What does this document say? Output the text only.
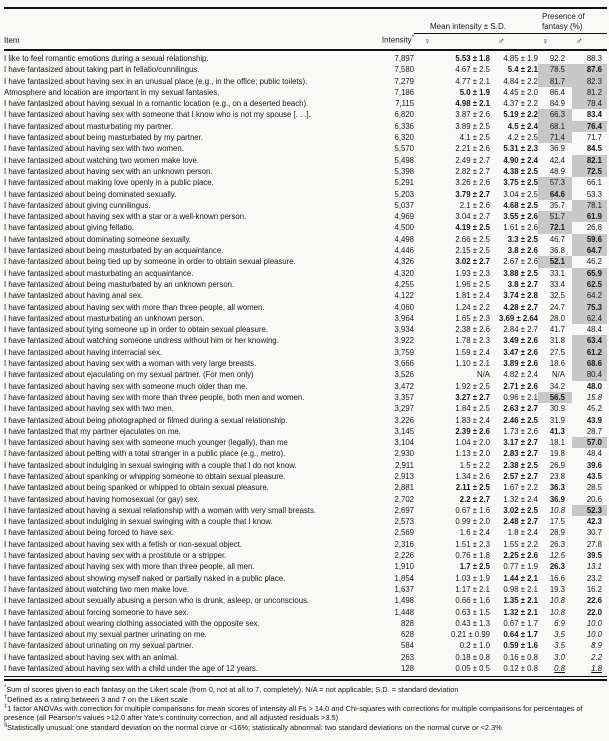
Item	Intensity*
Mean intensity ± S.D.
♀	♂
Presence of
fantasy (%)
♀	♂
I like to feel romantic emotions during a sexual relationship.	7,897	5.53 ± 1.8	4.85 ± 1.9	92.2	88.3
I have fantasized about taking part in fellatio/cunnilingus.	7,580	4.67 ± 2.5	5.4 ± 2.1	78.5	87.6
I have fantasized about having sex in an unusual place (e.g., in the office; public toilets).	7,279	4.77 ± 2.1	4.84 ± 2.2	81.7	82.3
Atmosphere and location are important in my sexual fantasies.	7,186	5.0 ± 1.9	4.45 ± 2.0	86.4	81.2
I have fantasized about having sexual in a romantic location (e.g., on a deserted beach).	7,115	4.98 ± 2.1	4.37 ± 2.2	84.9	78.4
I have fantasized about having sex with someone that I know who is not my spouse [. . .].	6,820	3.87 ± 2.6	5.19 ± 2.2	66.3	83.4
I have fantasized about masturbating my partner.	6,336	3.89 ± 2.5	4.5 ± 2.4	68.1	76.4
I have fantasized about being masturbated by my partner.	6,320	4.1 ± 2.5	4.2 ± 2.5	71.4	71.7
I have fantasized about having sex with two women.	5,570	2.21 ± 2.6	5.31 ± 2.3	36.9	84.5
I have fantasized about watching two women make love.	5,498	2.49 ± 2.7	4.90 ± 2.4	42.4	82.1
I have fantasized about having sex with an unknown person.	5,398	2.82 ± 2.7	4.38 ± 2.5	48.9	72.5
I have fantasized about making love openly in a public place.	5,291	3.26 ± 2.6	3.75 ± 2.5	57.3	66.1
I have fantasized about being dominated sexually.	5,203	3.79 ± 2.7	3.04 ± 2.5	64.6	53.3
I have fantasized about giving cunnilingus.	5,037	2.1 ± 2.6	4.68 ± 2.5	35.7	78.1
I have fantasized about having sex with a star or a well-known person.	4,969	3.04 ± 2.7	3.55 ± 2.6	51.7	61.9
I have fantasized about giving fellatio.	4,500	4.19 ± 2.5	1.61 ± 2.6	72.1	26.8
I have fantasized about dominating someone sexually.	4,498	2.66 ± 2.5	3.3 ± 2.5	46.7	59.6
I have fantasized about being masturbated by an acquaintance.	4,446	2.15 ± 2.5	3.8 ± 2.6	36.8	64.7
I have fantasized about being tied up by someone in order to obtain sexual pleasure.	4,326	3.02 ± 2.7	2.67 ± 2.6	52.1	46.2
I have fantasized about masturbating an acquaintance.	4,320	1.93 ± 2.3	3.88 ± 2.5	33.1	65.9
I have fantasized about being masturbated by an unknown person.	4,255	1.96 ± 2.5	3.8 ± 2.7	33.4	62.5
I have fantasized about having anal sex.	4,122	1.81 ± 2.4	3.74 ± 2.8	32.5	64.2
I have fantasized about having sex with more than three people, all women.	4,060	1.24 ± 2.2	4.28 ± 2.7	24.7	75.3
I have fantasized about masturbating an unknown person.	3,964	1.65 ± 2.3	3.69 ± 2.64	28.0	62.4
I have fantasized about tying someone up in order to obtain sexual pleasure.	3,934	2.38 ± 2.6	2.84 ± 2.7	41.7	48.4
I have fantasized about watching someone undress without him or her knowing.	3,922	1.78 ± 2.3	3.49 ± 2.6	31.8	63.4
I have fantasized about having interracial sex.	3,759	1.59 ± 2.4	3.47 ± 2.6	27.5	61.2
I have fantasized about having sex with a woman with very large breasts.	3,666	1.10 ± 2.1	3.89 ± 2.6	18.6	68.6
I have fantasized about ejaculating on my sexual partner. (For men only)	3,526	N/A	4.82 ± 2.4	N/A	80.4
I have fantasized about having sex with someone much older than me.	3,472	1.92 ± 2.5	2.71 ± 2.6	34.2	48.0
I have fantasized about having sex with more than three people, both men and women.	3,357	3.27 ± 2.7	0.96 ± 2.1	56.5	15.8
I have fantasized about having sex with two men.	3,297	1.84 ± 2.5	2.63 ± 2.7	30.9	45.2
I have fantasized about being photographed or filmed during a sexual relationship.	3,226	1.83 ± 2.4	2.46 ± 2.5	31.9	43.9
I have fantasized that my partner ejaculates on me.	3,145	2.39 ± 2.6	1.73 ± 2.6	41.3	28.7
I have fantasized about having sex with someone much younger (legally), than me	3,104	1.04 ± 2.0	3.17 ± 2.7	18.1	57.0
I have fantasized about petting with a total stranger in a public place (e.g., metro).	2,930	1.13 ± 2.0	2.83 ± 2.7	19.8	48.4
I have fantasized about indulging in sexual swinging with a couple that I do not know.	2,911	1.5 ± 2.2	2.38 ± 2.5	26.9	39.6
I have fantasized about spanking or whipping someone to obtain sexual pleasure.	2,913	1.34 ± 2.6	2.57 ± 2.7	23.8	43.5
I have fantasized about being spanked or whipped to obtain sexual pleasure.	2,881	2.11 ± 2.5	1.67 ± 2.2	36.3	28.5
I have fantasized about having homosexual (or gay) sex.	2,702	2.2 ± 2.7	1.32 ± 2.4	36.9	20.6
I have fantasized about having a sexual relationship with a woman with very small breasts.	2,697	0.67 ± 1.6	3.02 ± 2.5	10.8	52.3
I have fantasized about indulging in sexual swinging with a couple that I know.	2,573	0.99 ± 2.0	2.48 ± 2.7	17.5	42.3
I have fantasized about being forced to have sex.	2,569	1.6 ± 2.4	1.8 ± 2.4	28.9	30.7
I have fantasized about having sex with a fetish or non-sexual object.	2,316	1.51 ± 2.3	1.55 ± 2.2	26.3	27.8
I have fantasized about having sex with a prostitute or a stripper.	2,226	0.76 ± 1.8	2.25 ± 2.6	12.5	39.5
I have fantasized about having sex with more than three people, all men.	1,910	1.7 ± 2.5	0.77 ± 1.9	26.3	13.1
I have fantasized about showing myself naked or partially naked in a public place.	1,854	1.03 ± 1.9	1.44 ± 2.1	16.6	23.2
I have fantasized about watching two men make love.	1,637	1.17 ± 2.1	0.98 ± 2.1	19.3	16.2
I have fantasized about sexually abusing a person who is drunk, asleep, or unconscious.	1,498	0.66 ± 1.6	1.35 ± 2.1	10.8	22.6
I have fantasized about forcing someone to have sex.	1,448	0.63 ± 1.5	1.32 ± 2.1	10.8	22.0
I have fantasized about wearing clothing associated with the opposite sex.	828	0.43 ± 1.3	0.67 ± 1.7	6.9	10.0
I have fantasized about my sexual partner urinating on me.	628	0.21 ± 0.99	0.64 ± 1.7	3.5	10.0
I have fantasized about urinating on my sexual partner.	584	0.2 ± 1.0	0.59 ± 1.6	3.5	8.9
I have fantasized about having sex with an animal.	263	0.18 ± 0.8	0.16 ± 0.8	3.0	2.2
I have fantasized about having sex with a child under the age of 12 years.	128	0.05 ± 0.5	0.12 ± 0.8	0.8	1.8
*Sum of scores given to each fantasy on the Likert scale (from 0, not at all to 7, completely). N/A = not applicable; S.D. = standard deviation
†Defined as a rating between 3 and 7 on the Likert scale
‡1 factor ANOVAs with correction for multiple comparisons for mean scores of intensity all Fs > 14.0 and Chi-squares with corrections for multiple comparisons for percentages of presence (all Pearson's values >12.0 after Yate's continuity correction, and all adjusted residuals >3.5)
§Statistically unusual: one standard deviation on the normal curve or <16%; statistically abnormal: two standard deviations on the normal curve or <2.3%
